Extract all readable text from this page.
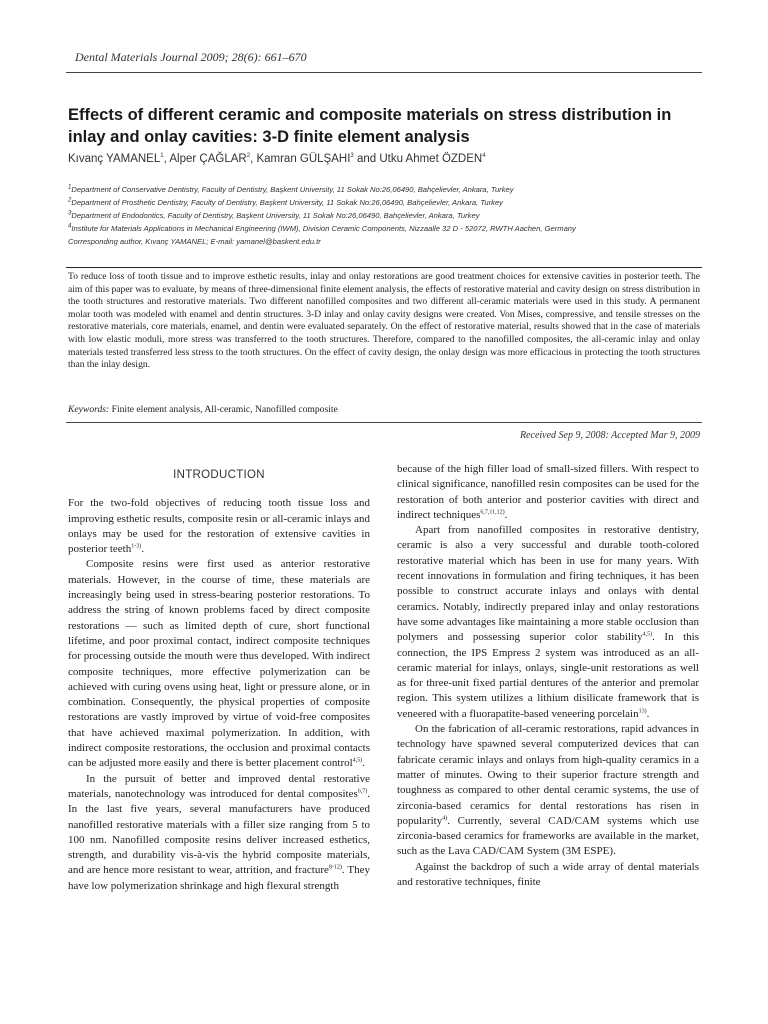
Dental Materials Journal 2009; 28(6): 661–670
Effects of different ceramic and composite materials on stress distribution in inlay and onlay cavities: 3-D finite element analysis
Kıvanç YAMANEL$^1$, Alper ÇAĞLAR$^2$, Kamran GÜLŞAHI$^3$ and Utku Ahmet ÖZDEN$^4$
$^1$Department of Conservative Dentistry, Faculty of Dentistry, Başkent University, 11 Sokak No:26,06490, Bahçelievler, Ankara, Turkey
$^2$Department of Prosthetic Dentistry, Faculty of Dentistry, Başkent University, 11 Sokak No:26,06490, Bahçelievler, Ankara, Turkey
$^3$Department of Endodontics, Faculty of Dentistry, Başkent University, 11 Sokak No:26,06490, Bahçelievler, Ankara, Turkey
$^4$Institute for Materials Applications in Mechanical Engineering (IWM), Division Ceramic Components, Nizzaalle 32 D - 52072, RWTH Aachen, Germany
Corresponding author, Kıvanç YAMANEL; E-mail: yamanel@baskent.edu.tr

To reduce loss of tooth tissue and to improve esthetic results, inlay and onlay restorations are good treatment choices for extensive cavities in posterior teeth. The aim of this paper was to evaluate, by means of three-dimensional finite element analysis, the effects of restorative material and cavity design on stress distribution in the tooth structures and restorative materials. Two different nanofilled composites and two different all-ceramic materials were used in this study. A permanent molar tooth was modeled with enamel and dentin structures. 3-D inlay and onlay cavity designs were created. Von Mises, compressive, and tensile stresses on the restorative materials, core materials, enamel, and dentin were evaluated separately. On the effect of restorative material, results showed that in the case of materials with low elastic moduli, more stress was transferred to the tooth structures. Therefore, compared to the nanofilled composites, the all-ceramic inlay and onlay materials tested transferred less stress to the tooth structures. On the effect of cavity design, the onlay design was more efficacious in protecting the tooth structures than the inlay design.

Keywords: Finite element analysis, All-ceramic, Nanofilled composite
Received Sep 9, 2008: Accepted Mar 9, 2009
INTRODUCTION

For the two-fold objectives of reducing tooth tissue loss and improving esthetic results, composite resin or all-ceramic inlays and onlays may be used for the restoration of extensive cavities in posterior teeth$^{1-3)}$.

Composite resins were first used as anterior restorative materials. However, in the course of time, these materials are increasingly being used in stress-bearing posterior restorations. To address the string of known problems faced by direct composite restorations — such as limited depth of cure, short functional lifetime, and poor proximal contact, indirect composite techniques for processing outside the mouth were thus developed. With indirect composite techniques, more effective polymerization can be achieved with curing ovens using heat, light or pressure alone, or in combination. Consequently, the physical properties of composite restorations are vastly improved by virtue of void-free composites that have achieved maximal polymerization. In addition, with indirect composite restorations, the occlusion and proximal contacts can be adjusted more easily and there is better placement control$^{4,5)}$.

In the pursuit of better and improved dental restorative materials, nanotechnology was introduced for dental composites$^{6,7)}$. In the last five years, several manufacturers have produced nanofilled restorative materials with a filler size ranging from 5 to 100 nm. Nanofilled composite resins deliver increased esthetics, strength, and durability vis-à-vis the hybrid composite materials, and are hence more resistant to wear, attrition, and fracture$^{8-12)}$. They have low polymerization shrinkage and high flexural strength

because of the high filler load of small-sized fillers. With respect to clinical significance, nanofilled resin composites can be used for the restoration of both anterior and posterior cavities with direct and indirect techniques$^{6,7,11,12)}$.

Apart from nanofilled composites in restorative dentistry, ceramic is also a very successful and durable tooth-colored restorative material which has been in use for many years. With recent innovations in formulation and firing techniques, it has been possible to construct accurate inlays and onlays with dental ceramics. Notably, indirectly prepared inlay and onlay restorations have some advantages like maintaining a more stable occlusion than polymers and possessing superior color stability$^{4,5)}$. In this connection, the IPS Empress 2 system was introduced as an all-ceramic material for inlays, onlays, single-unit restorations as well as for three-unit fixed partial dentures of the anterior and premolar region. This system utilizes a lithium disilicate framework that is veneered with a fluorapatite-based veneering porcelain$^{13)}$.

On the fabrication of all-ceramic restorations, rapid advances in technology have spawned several computerized devices that can fabricate ceramic inlays and onlays from high-quality ceramics in a matter of minutes. Owing to their superior fracture strength and toughness as compared to other dental ceramic systems, the use of zirconia-based ceramics for dental restorations has risen in popularity$^{4)}$. Currently, several CAD/CAM systems which use zirconia-based ceramics for frameworks are available in the market, such as the Lava CAD/CAM System (3M ESPE).

Against the backdrop of such a wide array of dental materials and restorative techniques, finite
